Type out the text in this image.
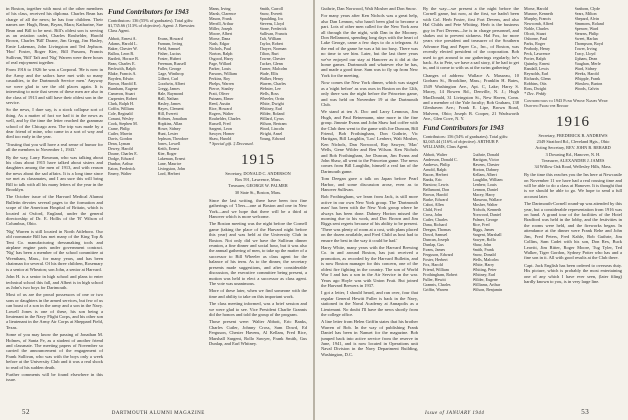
in Boston, together with most of the other members of his class, received his diploma. Charles Bean has charge of all the news; he has four children. Their names are: Hugh, Bean, Bryan, Mara; Katharine, Sue Bean and Bill to be next. Bill's oldest son is serving as an aviation cadet, Charles Rouhelder, Harold Brown, Charles 'Bill' Doane, Jim Gregg, Jim Hasley, Ernie Lakeman, John Livingston and Ted Jephson. 'Hoo' Foster, Roger Kier, Bill Parsons, Francis Sullivan, 'Bill' Taft and 'Nig' Warren were three hours of real enjoyment together.

From 1916 to 1926 he was a Corporal. 'He is now in the Army and the sailors have met with so many casualties, to the Dartmouth Service men.' Anyway we were glad to see the old places again. It is interesting to note that seven of these men are also in the class of 1913 and still have their oldest son in the service.

So the news, I dare say, is a stock collapse sort of thing. As a matter of fact we had it in the news as well, and by the time the letter reached the grammar school of the Chicago area. The trip was made by a dear friend of mine, who came in a sort of way and died too early in the year.

'Trusting that you will have a real sense of humor for all the members to November 1, 1943.'

By the way, Larry Bowman, who was talking about his class about 1915 have talked about sisters and daughters among the men of 1913, and with reason the news about the sad affairs. It is a long time since we met as classmates, and I am sure this will bring Bill to talk with all his many letters of the year in the Brooklyn.

The October issue of the Harvard Medical Alumni Bulletin devotes several pages to the formation and scope of the American Hospital of Britain, which is located at Oxford, England, under the general directorship of Dr. E. Hollis of the 'B' Wilson of Columbus, Ohio.

'Nig' Warren is still located in North Attleboro. Our old roommate Bill has met many of the King Top & Tent Co. manufacturing dressmaking tools and airplane engine parts under government contract. 'Nig' has been a member of the school committee at Wrentham, Mass., for many years, and has been chairman for several. Of his three children, Rosemary is a senior at Wheaton; son John, a senior at Harvard.

John H. is a senior in high school and plans to enter technical school this fall, and Albert is in high school as John's two boys for Dartmouth.

Most of us are the proud possessors of one or two sons or daughters in the armed services, but few of us can boast of a son in the army and a son in the Navy. Lowell Jones is one of these, his son being a lieutenant in the Navy Flight Corps, and his other son a lieutenant in the Army Air Corps at Sheppard Field, Texas.

Some of you may know the passing of Jonathan M. Holmes, of Santa Fe, as a student of another friend and classmate. The meeting papers of November so carried the announcement of the engagement of Frank Sullivan, who was with the boys only a week before at the University Club and it was a real shock to read of his sudden death.

Further comments will be found elsewhere in this issue.

Fund Contributors for 1943
Contributors: 136 (55% of graduates). Total gifts: $1,735.66 (113% of objective). Agent: J. Brewster. Class Agent.
Abbott, Ernest A.
Adams, Harold L.
Baker, Chester W.
Ballou, Leon B.
Bartlett, Horace B.
Bean, Charles E.
Beckwith, Ralph
Blake, Francis A.
Boyden, Edwin
Brown, Harold E.
Burnham, Eugene
Cameron, Stuart
Carpenter, Robert
Clark, Ralph H.
Coffin, William
Cole, Reginald
Conant, Wesley
Cook, Stephen M.
Crane, Philip
Cutler, Marvin
Davis, Gordon
Dean, Lyman
Dewey, Harold
Doane, Charles E.
Dodge, Edward
Dunbar, Arthur
Eaton, Frederick
Emery, Walter
Evans, Howard
Farnum, Irving
Field, Samuel
Fisher, Lucius
Foster, Hubert
Freeman, Russell
Fuller, George
Gage, Winthrop
Gilbert, Carl
Goodwin, Albert
Gregg, James
Hale, Raymond
Hall, Nathan
Hasley, James
Hayes, Clement
Hill, Everett
Holmes, Jonathan
Hopkins, Allan
Howe, Sidney
Hunt, Lester
Jephson, Theodore
Jones, Lowell
Keith, Ernest
Kier, Roger
Lakeman, Ernest
Lane, Maurice
Livingston, John
Lord, Herbert
Mann, Irving
Marsh, Clarence
Mason, Frank
Merrill, Arthur
Miller, Joseph
Moore, Albert
Morse, Dana
Nash, Edgar
Nichols, Paul
Norton, Ralph
Osgood, Harry
Page, Willard
Parker, Louis
Parsons, William
Perkins, Roy
Phelps, Warren
Pierce, Stanley
Pratt, Oliver
Putnam, Elmer
Reed, Austin
Rice, Howard
Rogers, Walter
Rouhelder, Charles
Russell, Fred
Sargent, Leon
Sawyer, Homer
Shaw, Harold
Smith, Carroll
Snow, Everett
Spaulding, Ira
Stevens, Lloyd
Stone, Frederick
Sullivan, Francis
Taft, William
Taylor, Robert
Thayer, Norman
Tilton, Burt
Towne, Chester
Tucker, Glenn
Turner, Malcolm
Wade, Ellis
Walker, Henry
Warren, Charles
Webster, Lee
Wells, Ross
Wheeler, Orrin
White, Dwight
Whitney, Earl
Wilder, Roland
Willard, Cyrus
Wilson, Bertram
Wood, Lincoln
Wright, Ansel
Young, Edward
* Special gift. ‡ Deceased.
1915
Secretary, DONALD C. ANDERSON
Box 591, Lawrence, Mass.
Treasurer, GEORGE W. PALMER
30 State St., Boston, Mass.

Since the last writing, there have been two fine gatherings of '15ers—one at Boston and one in New York—and we hope that there will be a third at Hanover which is more welcome.

The Boston meeting was the night before the Cornell game (taking the place of the Harvard night before this year) and was held at the University Club in Boston. Not only did we have the Sullivan dinner reunion, a fine dinner and social hour, but it was also the annual gathering of men, to take up the matter of a successor to Bill Wheeler as class agent for the balance of his term. As to the dinner, the secretary presents made suggestions, and after considerable discussion, the executive committee being present, a motion was held to elect a successor as class agent. The vote was unanimous.

More of these later, when we find someone with the time and ability to take on this important work.

The class meeting informed, was a brief session and we were glad to see. Vice President Charlie Grannis did the honors and told the group of the program.

Those present were: Walter Abbott, Eric Banks, Charles Cutler, Johnny Cross, Sam Dowd, Ed Ferguson, Chester Havens, Al Kellam, Fred Rice, Marshall Sargent, Rollo Sawyer, Frank Smith, Gus Dunlap, and Earl Whitney.

52	DARTMOUTH ALUMNI MAGAZINE

Guthrie, Dan Norwood, Walt Mosher and Don Snow.

For many years after Ken Nichols was a great help, also Dan Lennon, who hasn't been glad to become a part. Lots of other men called for the New York area all through the the night, with Dan in the Mooney. Don Bellamont, spending long days with the heart of Lake George, came a few days to do a telegram. At the end of the game he was a bit too busy. There was no time to see him. Later, but the last three years we've enjoyed our stay at Hanover as it did at the home games. Dartmouth and whatever else he has, and made a good time. Sam was to fly up from New York for the meeting.

Now comes the New York dinner, which was staged as a 'night before' as was ours in Boston on the 12th, only there was the night before the Princeton game, and was held on November 19 at the Dartmouth Club.

We stand at ten A. Doc and Larry Lennoux, Jim Hugh, and Paul Beinemann, nine more in the fine group. Jimmie Evans and John Shaw had coffee with the Club then went to the game with Joe Duncan, Bill Friend, Bob Frothingham, Don Guthrie, Vic Hartigan, Bill Laughlin, 'Lou' Lenherr, Walt Mosher, Ken Nichols, Dan Norwood, Ray Sawyer, 'Mac' Wells, Gene Wilder and Ben Wilson. Ken Nichols and Bob Frothingham, Joe Duncan, Jim Evans and John Shaw, all went to the Princeton game. The news comes from Bill Laughlin, himself a real fan of the Dartmouth game.

Tom Deegan gave a talk on Japan before Pearl Harbor, and some discussion arose, even as to Hanover Sullivan.

Bob Frothingham, we learn from Jack, is still more active in our own New York group. The 'Dartmouth man' has been with the New York group where he always has been done. Dabney Horton missed the morning due to his work, and Doc Brown and Jim Riggs sent regrets because of his ability to be present. 'There was plenty of room at a cost, with plans placed on the dozen available, and Fred Child as host had to ensure the best in the way it could be had.'

Harry White, many years with the Harvard Brewing Co. in and around Boston, has just received a promotion, as recorded by the Harvard Bulletin, and is now Boston manager for this concern, one of the oldest fire fighting in the country. The son of World War I and has a son in the Air Service in the war. Years ago Hoyle was with Union Fruit. But joined the Harvard Brewers in 1937.

I got a letter, I should heard, and ran over, four that regular General Hewitt Fuller is back in the Navy, stationed in the Naval Academy at Annapolis as a Lieutenant. No doubt I'll have the news shortly from the college office.

A line letter from Helen Griffin states that his brother Warren of Bob. In the way of publishing Frank Daniel has been in Nanuet for the magazine. Bob jumped back into active service from the reserve in June, 1941, and is now located in Operations unit Naval Division in the Navy Department Building, Washington, D.C.

By the way—we present a the night before the Cornell game, but now, at the first, we hadn't been with Col. Herb Foster, first Fort Devens, and also Hal Childs and Pete Whiting. Herb is the business guy in Fort Devens—he is in charge personnel, and shakes out to prevent sickness. Hal Fox, for more years vice president and treasurer of the Southern Advance Bag and Paper Co., Inc., of Boston, was recently elected president of the corporation. Bob used to get around to our gatherings regularly; he's back. As to Pete, we have a sad story, if he had to get in, and it come to with us at the swim gathering!

Changes of address: Wallace A. Masseau, 10 Gorham St., Brookline, Mass.; Franklin H. Bates, 1549 Washington Ave., Apt. C, Lake; Harry S. Macey, 14 Bowen Rd., Denville, N. J.; Hugh MacDonald, 31 Livingston St., New Haven, Conn. and a member of the Yale faculty; Rob Graham, 138 Glenhaven Ave.; Frank E. Lipe, Brown Road, Malvern, Ohio; Joseph B. Cooper, 21 Wadsworth Ave., Glen Cove, N. Y.

Fund Contributors for 1943
Contributors: 156 (54% of graduates). Total gifts: $2,045.44 (116% of objective). ARTHUR P. WILLIAMS, Class Agent.
Abbott, Walter
Anderson, Donald C.
Andrews, Philip
Arnold, Ralph
Bacon, Herbert
Banks, Eric
Barstow, Lewis
Bellamont, Don
Brown, Harold
Burke, Edward
Cabot, Allen
Child, Fred
Cross, John
Cutler, Charles
Dana, Richard
Deegan, Thomas
Dowd, Samuel
Duncan, Joseph
Dunlap, Gus
Evans, James
Ferguson, Edward
Foster, Herbert
Fox, Harold
Friend, William
Frothingham, Robert
Fuller, Hewitt
Grannis, Charles
Griffin, Warren
Guthrie, Donald
Hartigan, Victor
Havens, Chester
Horton, Dabney
Kellam, Albert
Laughlin, William
Lenherr, Louis
Lennon, Daniel
Macey, Harry
Masseau, Wallace
Mosher, Walter
Nichols, Kenneth
Norwood, Daniel
Palmer, George
Rice, Fred
Riggs, James
Sargent, Marshall
Sawyer, Rollo
Shaw, John
Smith, Frank
Snow, Donald
Wells, Malcolm
White, Harry
Whiting, Peter
Whitney, Earl
Wilder, Eugene
Williams, Arthur
Wilson, Benjamin
Morse, Harold
Munroe, Kenneth
Murphy, Francis
Newcomb, Alfred
Noble, Charles
Olcott, Stuart
Osborne, Paul
Parks, Roger
Peabody, Henry
Peck, Lawrence
Porter, Ralph
Quimby, Ernest
Randall, Lewis
Reynolds, Earl
Richards, Glenn
Robbins, Otis
Ross, Dwight
Sanborn, Clyde
Sears, Milton
Shepard, Alvin
Simmons, Roland
Spencer, Ward
Stearns, Philip
Sweet, Harlan
Thompson, Boyd
Tower, Irving
Tracy, Lloyd
Upham, Dean
Vaughan, Merle
Ward, Sidney
Weeks, Harold
Whipple, Frank
Winslow, Burton
Woods, Calvin
* Dec. Prddy
Contributors to 1943 Fund Whose Names Were Omitted From the Report
1916
Secretary, FREDERICK B. ANDREWS
2349 Stratford Rd., Cleveland Hgts., Ohio
Acting Secretary, REV. JOHN B. BERARD
3 Downing Rd., Hanover, N. H.
Treasurer, ALEXANDER J. JAMES
34 Willow Oak Road, Wellesley Hills, Mass.

By the time this reaches you the Ins here at Newcastle on November 11 we have had a real rousing time and will be able to do a class at Hanover. It is thought that is we should be able to go. We hope to send a full account later.

The Dartmouth-Cornell round-up was attended by this year, but a considerable representation from 1916 was on hand. A grand tour of the facilities of the Hotel Bradford was held in the lobby, and the festivities in the rooms were held, and the fireworks began. In attendance at the dinner were Frank Rehe and John Jim, Fred Peters, Fred Kahle, Bob Guthrie, Jim Collins, Sam Cadet with his son, Don Rex, Buck Leavitt, Jim Ritter, Roger Moore, Tug Tyler, Ted Walker, Tiger Gordon, Sydney Potter who has and a fine son in it. All with good results at the Club there.

Capt. Jack English has been ordered to overseas duty. His picture, which is probably the most entertaining one of any which I have ever seen, (later filing) hardly known to you, is in very large line.

Issue of JANUARY 1944	53
